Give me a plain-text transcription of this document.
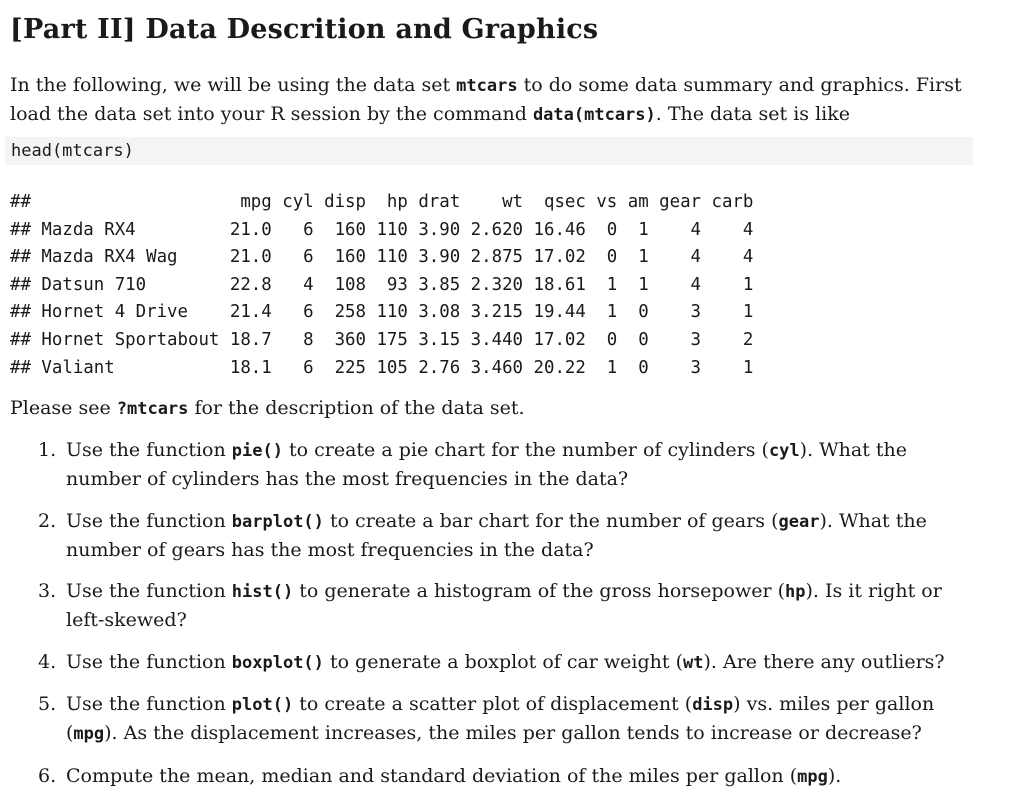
[Part II] Data Descrition and Graphics

In the following, we will be using the data set mtcars to do some data summary and graphics. First load the data set into your R session by the command data(mtcars). The data set is like

head(mtcars)
##                    mpg cyl disp  hp drat    wt  qsec vs am gear carb
## Mazda RX4         21.0   6  160 110 3.90 2.620 16.46  0  1    4    4
## Mazda RX4 Wag     21.0   6  160 110 3.90 2.875 17.02  0  1    4    4
## Datsun 710        22.8   4  108  93 3.85 2.320 18.61  1  1    4    1
## Hornet 4 Drive    21.4   6  258 110 3.08 3.215 19.44  1  0    3    1
## Hornet Sportabout 18.7   8  360 175 3.15 3.440 17.02  0  0    3    2
## Valiant           18.1   6  225 105 2.76 3.460 20.22  1  0    3    1

Please see ?mtcars for the description of the data set.

1. Use the function pie() to create a pie chart for the number of cylinders (cyl). What the number of cylinders has the most frequencies in the data?
2. Use the function barplot() to create a bar chart for the number of gears (gear). What the number of gears has the most frequencies in the data?
3. Use the function hist() to generate a histogram of the gross horsepower (hp). Is it right or left-skewed?
4. Use the function boxplot() to generate a boxplot of car weight (wt). Are there any outliers?
5. Use the function plot() to create a scatter plot of displacement (disp) vs. miles per gallon (mpg). As the displacement increases, the miles per gallon tends to increase or decrease?
6. Compute the mean, median and standard deviation of the miles per gallon (mpg).
